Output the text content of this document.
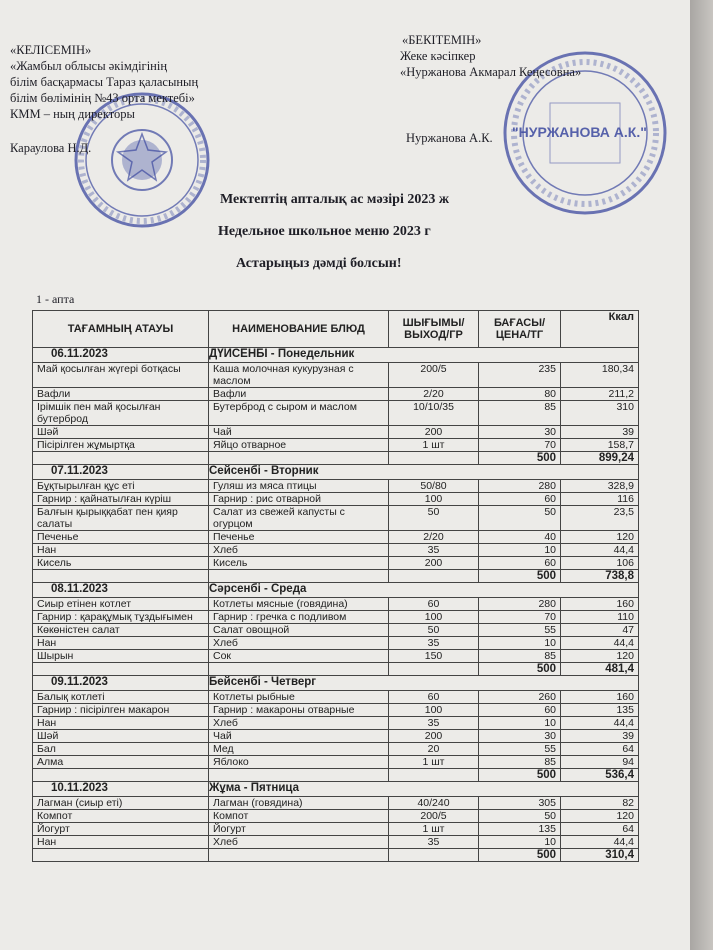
"НУРЖАНОВА А.К."
«КЕЛІСЕМІН»
«Жамбыл облысы әкімдігінің
білім басқармасы Тараз қаласының
білім бөлімінің №43 орта мектебі»
КММ – ның директоры
Караулова Н.Д.
«БЕКІТЕМІН»
Жеке кәсіпкер
«Нуржанова Акмарал Кеңесовна»
Нуржанова А.К.
Мектептің апталық ас мәзірі 2023 ж
Недельное школьное меню 2023 г
Астарыңыз дәмді болсын!
1 - апта
ТАҒАМНЫҢ АТАУЫ	НАИМЕНОВАНИЕ БЛЮД	ШЫҒЫМЫ/ ВЫХОД/ГР	БАҒАСЫ/ ЦЕНА/ТГ	Ккал
06.11.2023	ДҮЙСЕНБІ - Понедельник			
Май қосылған жүгері ботқасы	Каша молочная кукурузная с маслом	200/5	235	180,34
Вафли	Вафли	2/20	80	211,2
Ірімшік пен май қосылған бутерброд	Бутерброд с сыром и маслом	10/10/35	85	310
Шәй	Чай	200	30	39
Пісірілген жұмыртқа	Яйцо отварное	1 шт	70	158,7
			500	899,24
07.11.2023	Сейсенбі - Вторник			
Бұқтырылған құс еті	Гуляш из мяса птицы	50/80	280	328,9
Гарнир : қайнатылған күріш	Гарнир : рис отварной	100	60	116
Балғын қырыққабат пен қияр салаты	Салат из свежей капусты с огурцом	50	50	23,5
Печенье	Печенье	2/20	40	120
Нан	Хлеб	35	10	44,4
Кисель	Кисель	200	60	106
			500	738,8
08.11.2023	Сәрсенбі - Среда			
Сиыр етінен котлет	Котлеты мясные (говядина)	60	280	160
Гарнир : қарақұмық тұздығымен	Гарнир : гречка с подливом	100	70	110
Көкөністен салат	Салат овощной	50	55	47
Нан	Хлеб	35	10	44,4
Шырын	Сок	150	85	120
			500	481,4
09.11.2023	Бейсенбі - Четверг			
Балық котлеті	Котлеты рыбные	60	260	160
Гарнир : пісірілген макарон	Гарнир : макароны отварные	100	60	135
Нан	Хлеб	35	10	44,4
Шәй	Чай	200	30	39
Бал	Мед	20	55	64
Алма	Яблоко	1 шт	85	94
			500	536,4
10.11.2023	Жұма - Пятница			
Лагман (сиыр еті)	Лагман (говядина)	40/240	305	82
Компот	Компот	200/5	50	120
Йогурт	Йогурт	1 шт	135	64
Нан	Хлеб	35	10	44,4
			500	310,4
